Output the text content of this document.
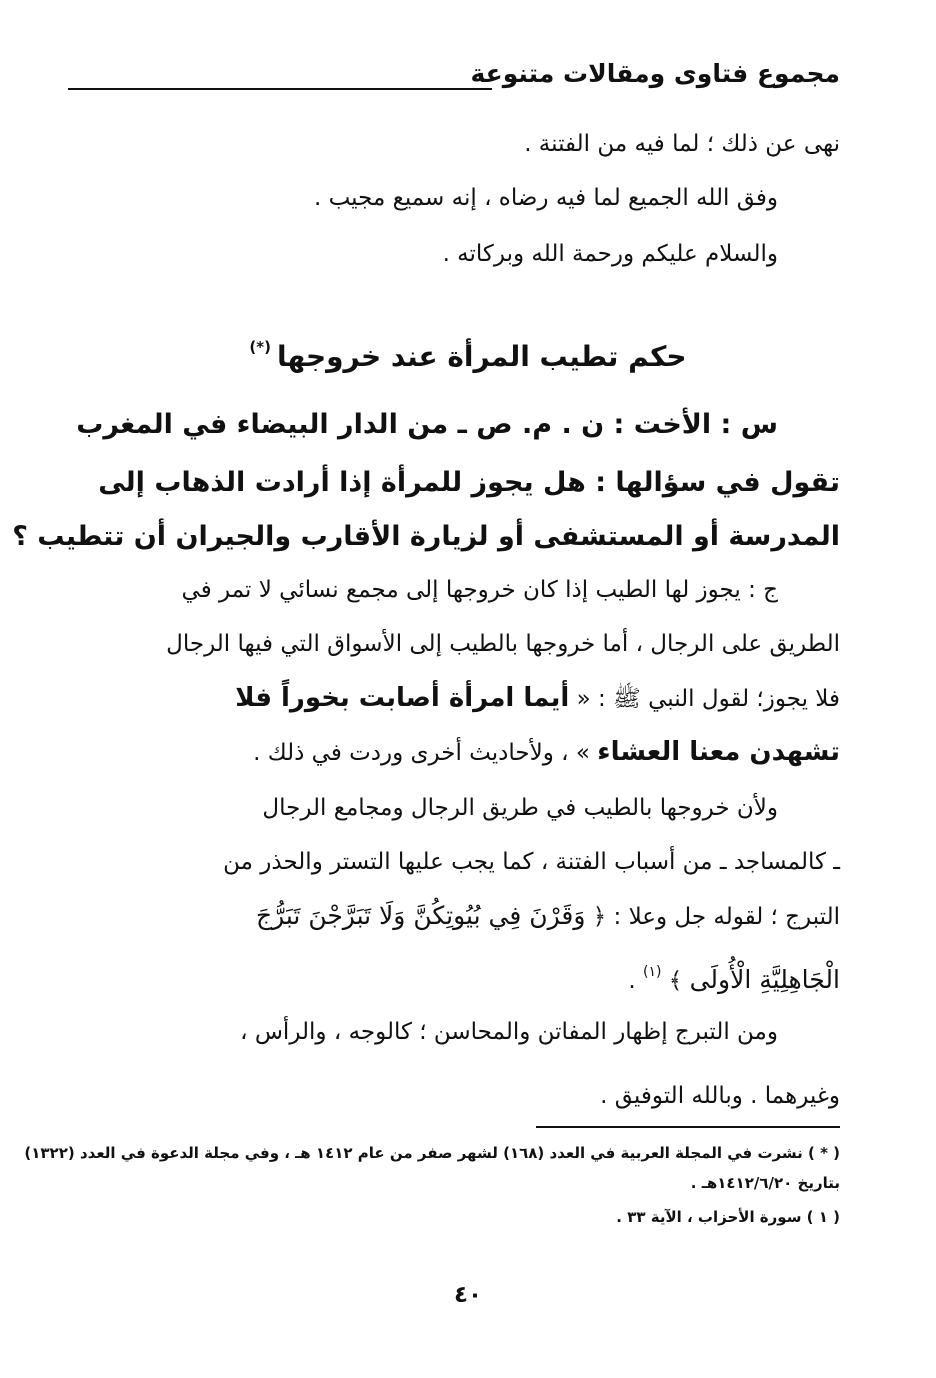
مجموع فتاوى ومقالات متنوعة
نهى عن ذلك ؛ لما فيه من الفتنة .
وفق الله الجميع لما فيه رضاه ، إنه سميع مجيب .
والسلام عليكم ورحمة الله وبركاته .
حكم تطيب المرأة عند خروجها(*)
س : الأخت : ن . م. ص ـ من الدار البيضاء في المغرب
تقول في سؤالها : هل يجوز للمرأة إذا أرادت الذهاب إلى
المدرسة أو المستشفى أو لزيارة الأقارب والجيران أن تتطيب ؟
ج : يجوز لها الطيب إذا كان خروجها إلى مجمع نسائي لا تمر في
الطريق على الرجال ، أما خروجها بالطيب إلى الأسواق التي فيها الرجال
فلا يجوز؛ لقول النبي ﷺ : « أيما امرأة أصابت بخوراً فلا
تشهدن معنا العشاء » ، ولأحاديث أخرى وردت في ذلك .
ولأن خروجها بالطيب في طريق الرجال ومجامع الرجال
ـ كالمساجد ـ من أسباب الفتنة ، كما يجب عليها التستر والحذر من
التبرج ؛ لقوله جل وعلا : ﴿ وَقَرْنَ فِي بُيُوتِكُنَّ وَلَا تَبَرَّجْنَ تَبَرُّجَ
الْجَاهِلِيَّةِ الْأُولَى ﴾ $^{(١)}$ .
ومن التبرج إظهار المفاتن والمحاسن ؛ كالوجه ، والرأس ،
وغيرهما . وبالله التوفيق .
( * ) نشرت في المجلة العربية في العدد (١٦٨) لشهر صفر من عام ١٤١٢ هـ ، وفي مجلة الدعوة في العدد (١٣٢٢)
بتاريخ ١٤١٢/٦/٢٠هـ .
( ١ ) سورة الأحزاب ، الآية ٣٣ .
٤٠
